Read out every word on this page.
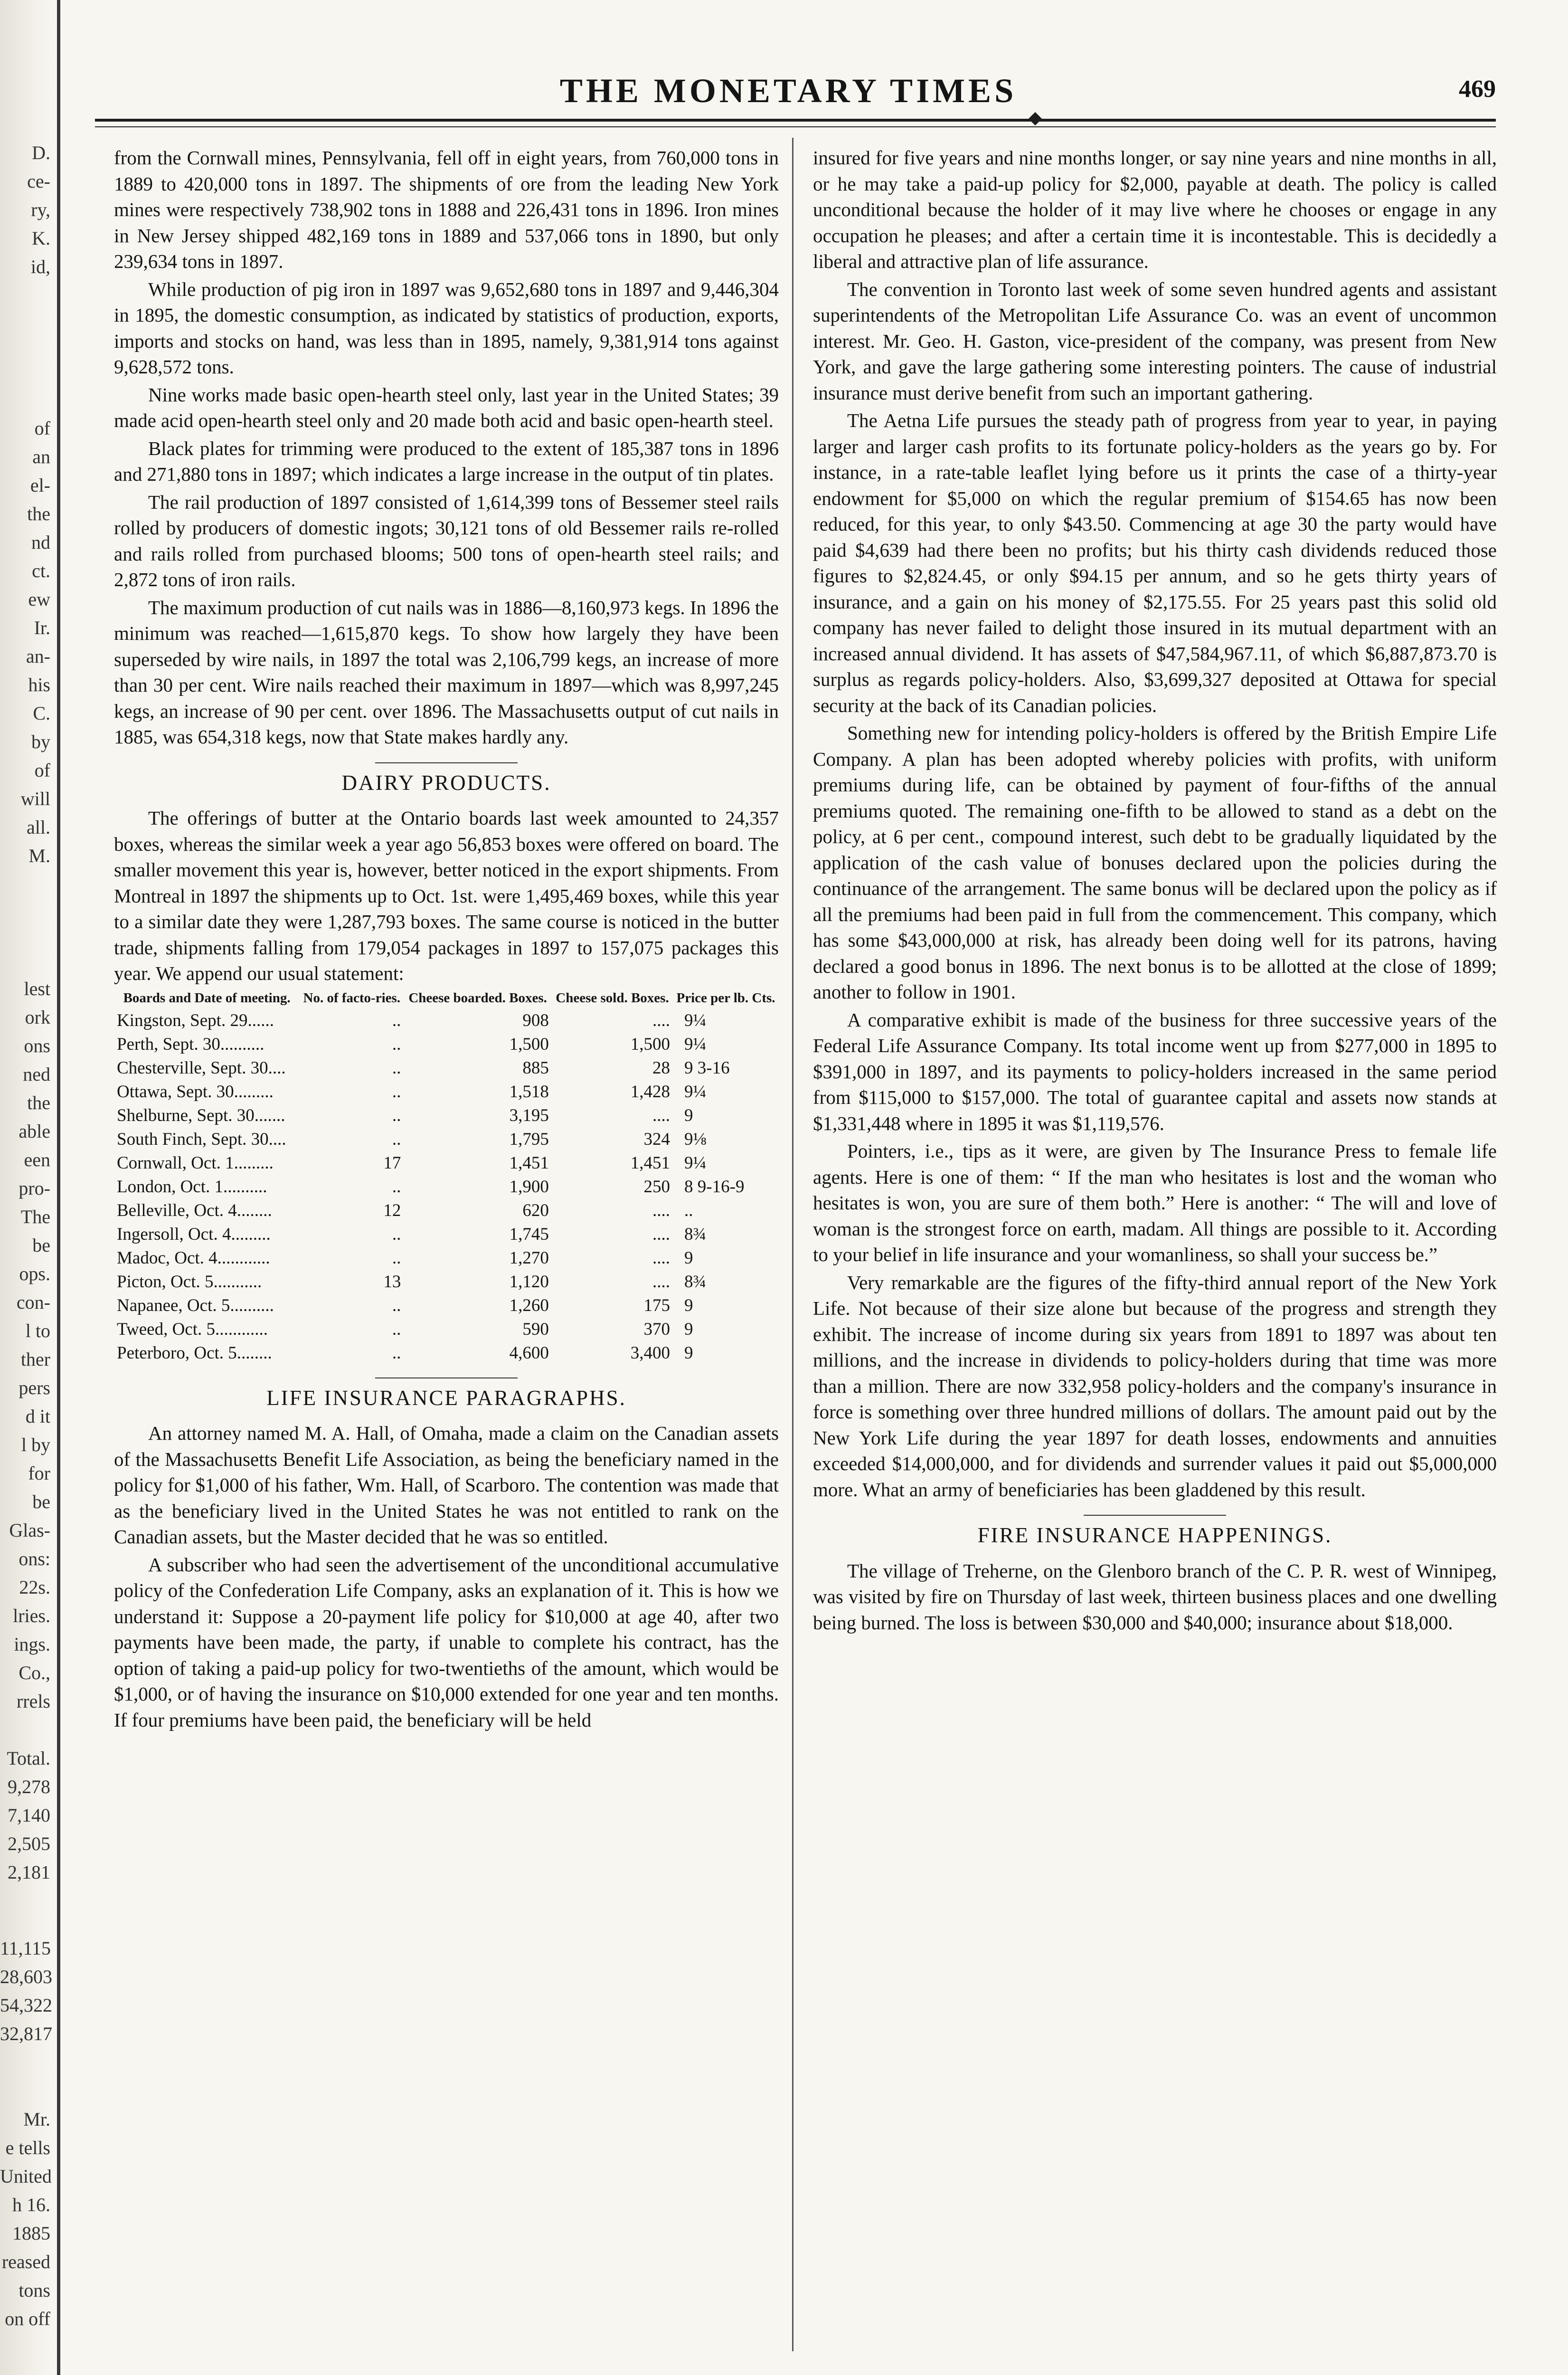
D.
ce-
ry,
K.
id,
of
an
el-
the
nd
ct.
ew
Ir.
an-
his
C.
by
of
will
all.
M.
lest
ork
ons
ned
the
able
een
pro-
The
be
ops.
con-
l to
ther
pers
d it
l by
for
be
Glas-
ons:
22s.
lries.
ings.
Co.,
rrels
Total.
9,278
7,140
2,505
2,181
11,115
28,603
54,322
32,817
Mr.
e tells
United
h 16.
1885
reased
tons
on off
THE MONETARY TIMES	469

from the Cornwall mines, Pennsylvania, fell off in eight years, from 760,000 tons in 1889 to 420,000 tons in 1897. The shipments of ore from the leading New York mines were respectively 738,902 tons in 1888 and 226,431 tons in 1896. Iron mines in New Jersey shipped 482,169 tons in 1889 and 537,066 tons in 1890, but only 239,634 tons in 1897.

While production of pig iron in 1897 was 9,652,680 tons in 1897 and 9,446,304 in 1895, the domestic consumption, as indicated by statistics of production, exports, imports and stocks on hand, was less than in 1895, namely, 9,381,914 tons against 9,628,572 tons.

Nine works made basic open-hearth steel only, last year in the United States; 39 made acid open-hearth steel only and 20 made both acid and basic open-hearth steel.

Black plates for trimming were produced to the extent of 185,387 tons in 1896 and 271,880 tons in 1897; which indicates a large increase in the output of tin plates.

The rail production of 1897 consisted of 1,614,399 tons of Bessemer steel rails rolled by producers of domestic ingots; 30,121 tons of old Bessemer rails re-rolled and rails rolled from purchased blooms; 500 tons of open-hearth steel rails; and 2,872 tons of iron rails.

The maximum production of cut nails was in 1886—8,160,973 kegs. In 1896 the minimum was reached—1,615,870 kegs. To show how largely they have been superseded by wire nails, in 1897 the total was 2,106,799 kegs, an increase of more than 30 per cent. Wire nails reached their maximum in 1897—which was 8,997,245 kegs, an increase of 90 per cent. over 1896. The Massachusetts output of cut nails in 1885, was 654,318 kegs, now that State makes hardly any.

DAIRY PRODUCTS.

The offerings of butter at the Ontario boards last week amounted to 24,357 boxes, whereas the similar week a year ago 56,853 boxes were offered on board. The smaller movement this year is, however, better noticed in the export shipments. From Montreal in 1897 the shipments up to Oct. 1st. were 1,495,469 boxes, while this year to a similar date they were 1,287,793 boxes. The same course is noticed in the butter trade, shipments falling from 179,054 packages in 1897 to 157,075 packages this year. We append our usual statement:

Boards and Date of meeting.	No. of facto-ries.	Cheese boarded. Boxes.	Cheese sold. Boxes.	Price per lb. Cts.
Kingston, Sept. 29......	..	908	....	9¼
Perth, Sept. 30..........	..	1,500	1,500	9¼
Chesterville, Sept. 30....	..	885	28	9 3-16
Ottawa, Sept. 30.........	..	1,518	1,428	9¼
Shelburne, Sept. 30.......	..	3,195	....	9
South Finch, Sept. 30....	..	1,795	324	9⅛
Cornwall, Oct. 1.........	17	1,451	1,451	9¼
London, Oct. 1..........	..	1,900	250	8 9-16-9
Belleville, Oct. 4........	12	620	....	..
Ingersoll, Oct. 4.........	..	1,745	....	8¾
Madoc, Oct. 4............	..	1,270	....	9
Picton, Oct. 5...........	13	1,120	....	8¾
Napanee, Oct. 5..........	..	1,260	175	9
Tweed, Oct. 5............	..	590	370	9
Peterboro, Oct. 5........	..	4,600	3,400	9
LIFE INSURANCE PARAGRAPHS.

An attorney named M. A. Hall, of Omaha, made a claim on the Canadian assets of the Massachusetts Benefit Life Association, as being the beneficiary named in the policy for $1,000 of his father, Wm. Hall, of Scarboro. The contention was made that as the beneficiary lived in the United States he was not entitled to rank on the Canadian assets, but the Master decided that he was so entitled.

A subscriber who had seen the advertisement of the unconditional accumulative policy of the Confederation Life Company, asks an explanation of it. This is how we understand it: Suppose a 20-payment life policy for $10,000 at age 40, after two payments have been made, the party, if unable to complete his contract, has the option of taking a paid-up policy for two-twentieths of the amount, which would be $1,000, or of having the insurance on $10,000 extended for one year and ten months. If four premiums have been paid, the beneficiary will be held

insured for five years and nine months longer, or say nine years and nine months in all, or he may take a paid-up policy for $2,000, payable at death. The policy is called unconditional because the holder of it may live where he chooses or engage in any occupation he pleases; and after a certain time it is incontestable. This is decidedly a liberal and attractive plan of life assurance.

The convention in Toronto last week of some seven hundred agents and assistant superintendents of the Metropolitan Life Assurance Co. was an event of uncommon interest. Mr. Geo. H. Gaston, vice-president of the company, was present from New York, and gave the large gathering some interesting pointers. The cause of industrial insurance must derive benefit from such an important gathering.

The Aetna Life pursues the steady path of progress from year to year, in paying larger and larger cash profits to its fortunate policy-holders as the years go by. For instance, in a rate-table leaflet lying before us it prints the case of a thirty-year endowment for $5,000 on which the regular premium of $154.65 has now been reduced, for this year, to only $43.50. Commencing at age 30 the party would have paid $4,639 had there been no profits; but his thirty cash dividends reduced those figures to $2,824.45, or only $94.15 per annum, and so he gets thirty years of insurance, and a gain on his money of $2,175.55. For 25 years past this solid old company has never failed to delight those insured in its mutual department with an increased annual dividend. It has assets of $47,584,967.11, of which $6,887,873.70 is surplus as regards policy-holders. Also, $3,699,327 deposited at Ottawa for special security at the back of its Canadian policies.

Something new for intending policy-holders is offered by the British Empire Life Company. A plan has been adopted whereby policies with profits, with uniform premiums during life, can be obtained by payment of four-fifths of the annual premiums quoted. The remaining one-fifth to be allowed to stand as a debt on the policy, at 6 per cent., compound interest, such debt to be gradually liquidated by the application of the cash value of bonuses declared upon the policies during the continuance of the arrangement. The same bonus will be declared upon the policy as if all the premiums had been paid in full from the commencement. This company, which has some $43,000,000 at risk, has already been doing well for its patrons, having declared a good bonus in 1896. The next bonus is to be allotted at the close of 1899; another to follow in 1901.

A comparative exhibit is made of the business for three successive years of the Federal Life Assurance Company. Its total income went up from $277,000 in 1895 to $391,000 in 1897, and its payments to policy-holders increased in the same period from $115,000 to $157,000. The total of guarantee capital and assets now stands at $1,331,448 where in 1895 it was $1,119,576.

Pointers, i.e., tips as it were, are given by The Insurance Press to female life agents. Here is one of them: “ If the man who hesitates is lost and the woman who hesitates is won, you are sure of them both.” Here is another: “ The will and love of woman is the strongest force on earth, madam. All things are possible to it. According to your belief in life insurance and your womanliness, so shall your success be.”

Very remarkable are the figures of the fifty-third annual report of the New York Life. Not because of their size alone but because of the progress and strength they exhibit. The increase of income during six years from 1891 to 1897 was about ten millions, and the increase in dividends to policy-holders during that time was more than a million. There are now 332,958 policy-holders and the company's insurance in force is something over three hundred millions of dollars. The amount paid out by the New York Life during the year 1897 for death losses, endowments and annuities exceeded $14,000,000, and for dividends and surrender values it paid out $5,000,000 more. What an army of beneficiaries has been gladdened by this result.

FIRE INSURANCE HAPPENINGS.

The village of Treherne, on the Glenboro branch of the C. P. R. west of Winnipeg, was visited by fire on Thursday of last week, thirteen business places and one dwelling being burned. The loss is between $30,000 and $40,000; insurance about $18,000.
